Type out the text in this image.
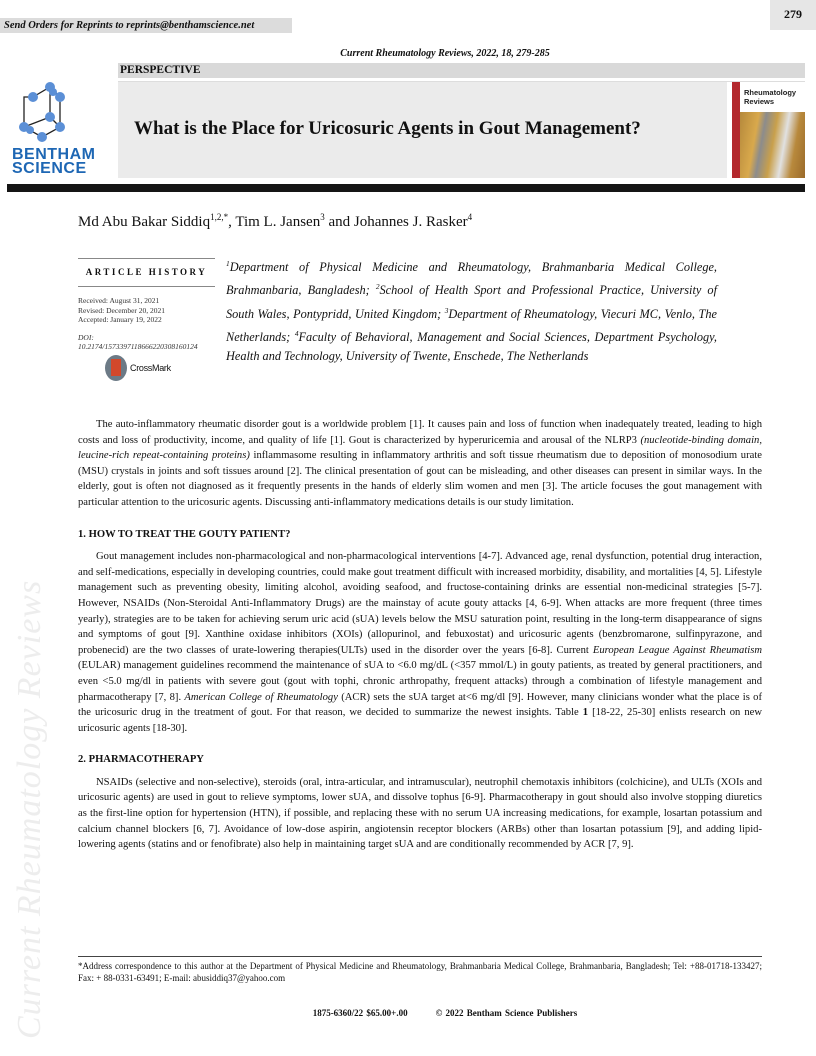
Current Rheumatology Reviews
279
Send Orders for Reprints to reprints@benthamscience.net
Current Rheumatology Reviews, 2022, 18, 279-285
PERSPECTIVE
BENTHAM
SCIENCE
What is the Place for Uricosuric Agents in Gout Management?
Rheumatology
Reviews
Md Abu Bakar Siddiq$^{1,2,*}$, Tim L. Jansen$^3$ and Johannes J. Rasker$^4$
ARTICLE HISTORY
Received: August 31, 2021
Revised: December 20, 2021
Accepted: January 19, 2022
DOI:
10.2174/1573397118666220308160124
CrossMark
$^1$Department of Physical Medicine and Rheumatology, Brahmanbaria Medical College, Brahmanbaria, Bangladesh; $^2$School of Health Sport and Professional Practice, University of South Wales, Pontypridd, United Kingdom; $^3$Department of Rheumatology, Viecuri MC, Venlo, The Netherlands; $^4$Faculty of Behavioral, Management and Social Sciences, Department Psychology, Health and Technology, University of Twente, Enschede, The Netherlands

The auto-inflammatory rheumatic disorder gout is a worldwide problem [1]. It causes pain and loss of function when inadequately treated, leading to high costs and loss of productivity, income, and quality of life [1]. Gout is characterized by hyperuricemia and arousal of the NLRP3 (nucleotide-binding domain, leucine-rich repeat-containing proteins) inflammasome resulting in inflammatory arthritis and soft tissue rheumatism due to deposition of monosodium urate (MSU) crystals in joints and soft tissues around [2]. The clinical presentation of gout can be misleading, and other diseases can present in similar ways. In the elderly, gout is often not diagnosed as it frequently presents in the hands of elderly slim women and men [3]. The article focuses the gout management with particular attention to the uricosuric agents. Discussing anti-inflammatory medications details is our study limitation.

1. HOW TO TREAT THE GOUTY PATIENT?

Gout management includes non-pharmacological and non-pharmacological interventions [4-7]. Advanced age, renal dysfunction, potential drug interaction, and self-medications, especially in developing countries, could make gout treatment difficult with increased morbidity, disability, and mortalities [4, 5]. Lifestyle management such as preventing obesity, limiting alcohol, avoiding seafood, and fructose-containing drinks are essential non-medicinal strategies [5-7]. However, NSAIDs (Non-Steroidal Anti-Inflammatory Drugs) are the mainstay of acute gouty attacks [4, 6-9]. When attacks are more frequent (three times yearly), strategies are to be taken for achieving serum uric acid (sUA) levels below the MSU saturation point, resulting in the long-term disappearance of signs and symptoms of gout [9]. Xanthine oxidase inhibitors (XOIs) (allopurinol, and febuxostat) and uricosuric agents (benzbromarone, sulfinpyrazone, and probenecid) are the two classes of urate-lowering therapies(ULTs) used in the disorder over the years [6-8]. Current European League Against Rheumatism (EULAR) management guidelines recommend the maintenance of sUA to <6.0 mg/dL (<357 mmol/L) in gouty patients, as treated by general practitioners, and even <5.0 mg/dl in patients with severe gout (gout with tophi, chronic arthropathy, frequent attacks) through a combination of lifestyle management and pharmacotherapy [7, 8]. American College of Rheumatology (ACR) sets the sUA target at<6 mg/dl [9]. However, many clinicians wonder what the place is of the uricosuric drug in the treatment of gout. For that reason, we decided to summarize the newest insights. Table 1 [18-22, 25-30] enlists research on new uricosuric agents [18-30].

2. PHARMACOTHERAPY

NSAIDs (selective and non-selective), steroids (oral, intra-articular, and intramuscular), neutrophil chemotaxis inhibitors (colchicine), and ULTs (XOIs and uricosuric agents) are used in gout to relieve symptoms, lower sUA, and dissolve tophus [6-9]. Pharmacotherapy in gout should also involve stopping diuretics as the first-line option for hypertension (HTN), if possible, and replacing these with no serum UA increasing medications, for example, losartan potassium and calcium channel blockers [6, 7]. Avoidance of low-dose aspirin, angiotensin receptor blockers (ARBs) other than losartan potassium [9], and adding lipid-lowering agents (statins and or fenofibrate) also help in maintaining target sUA and are conditionally recommended by ACR [7, 9].

*Address correspondence to this author at the Department of Physical Medicine and Rheumatology, Brahmanbaria Medical College, Brahmanbaria, Bangladesh; Tel: +88-01718-133427; Fax: + 88-0331-63491; E-mail: abusiddiq37@yahoo.com
1875-6360/22 $65.00+.00	© 2022 Bentham Science Publishers
